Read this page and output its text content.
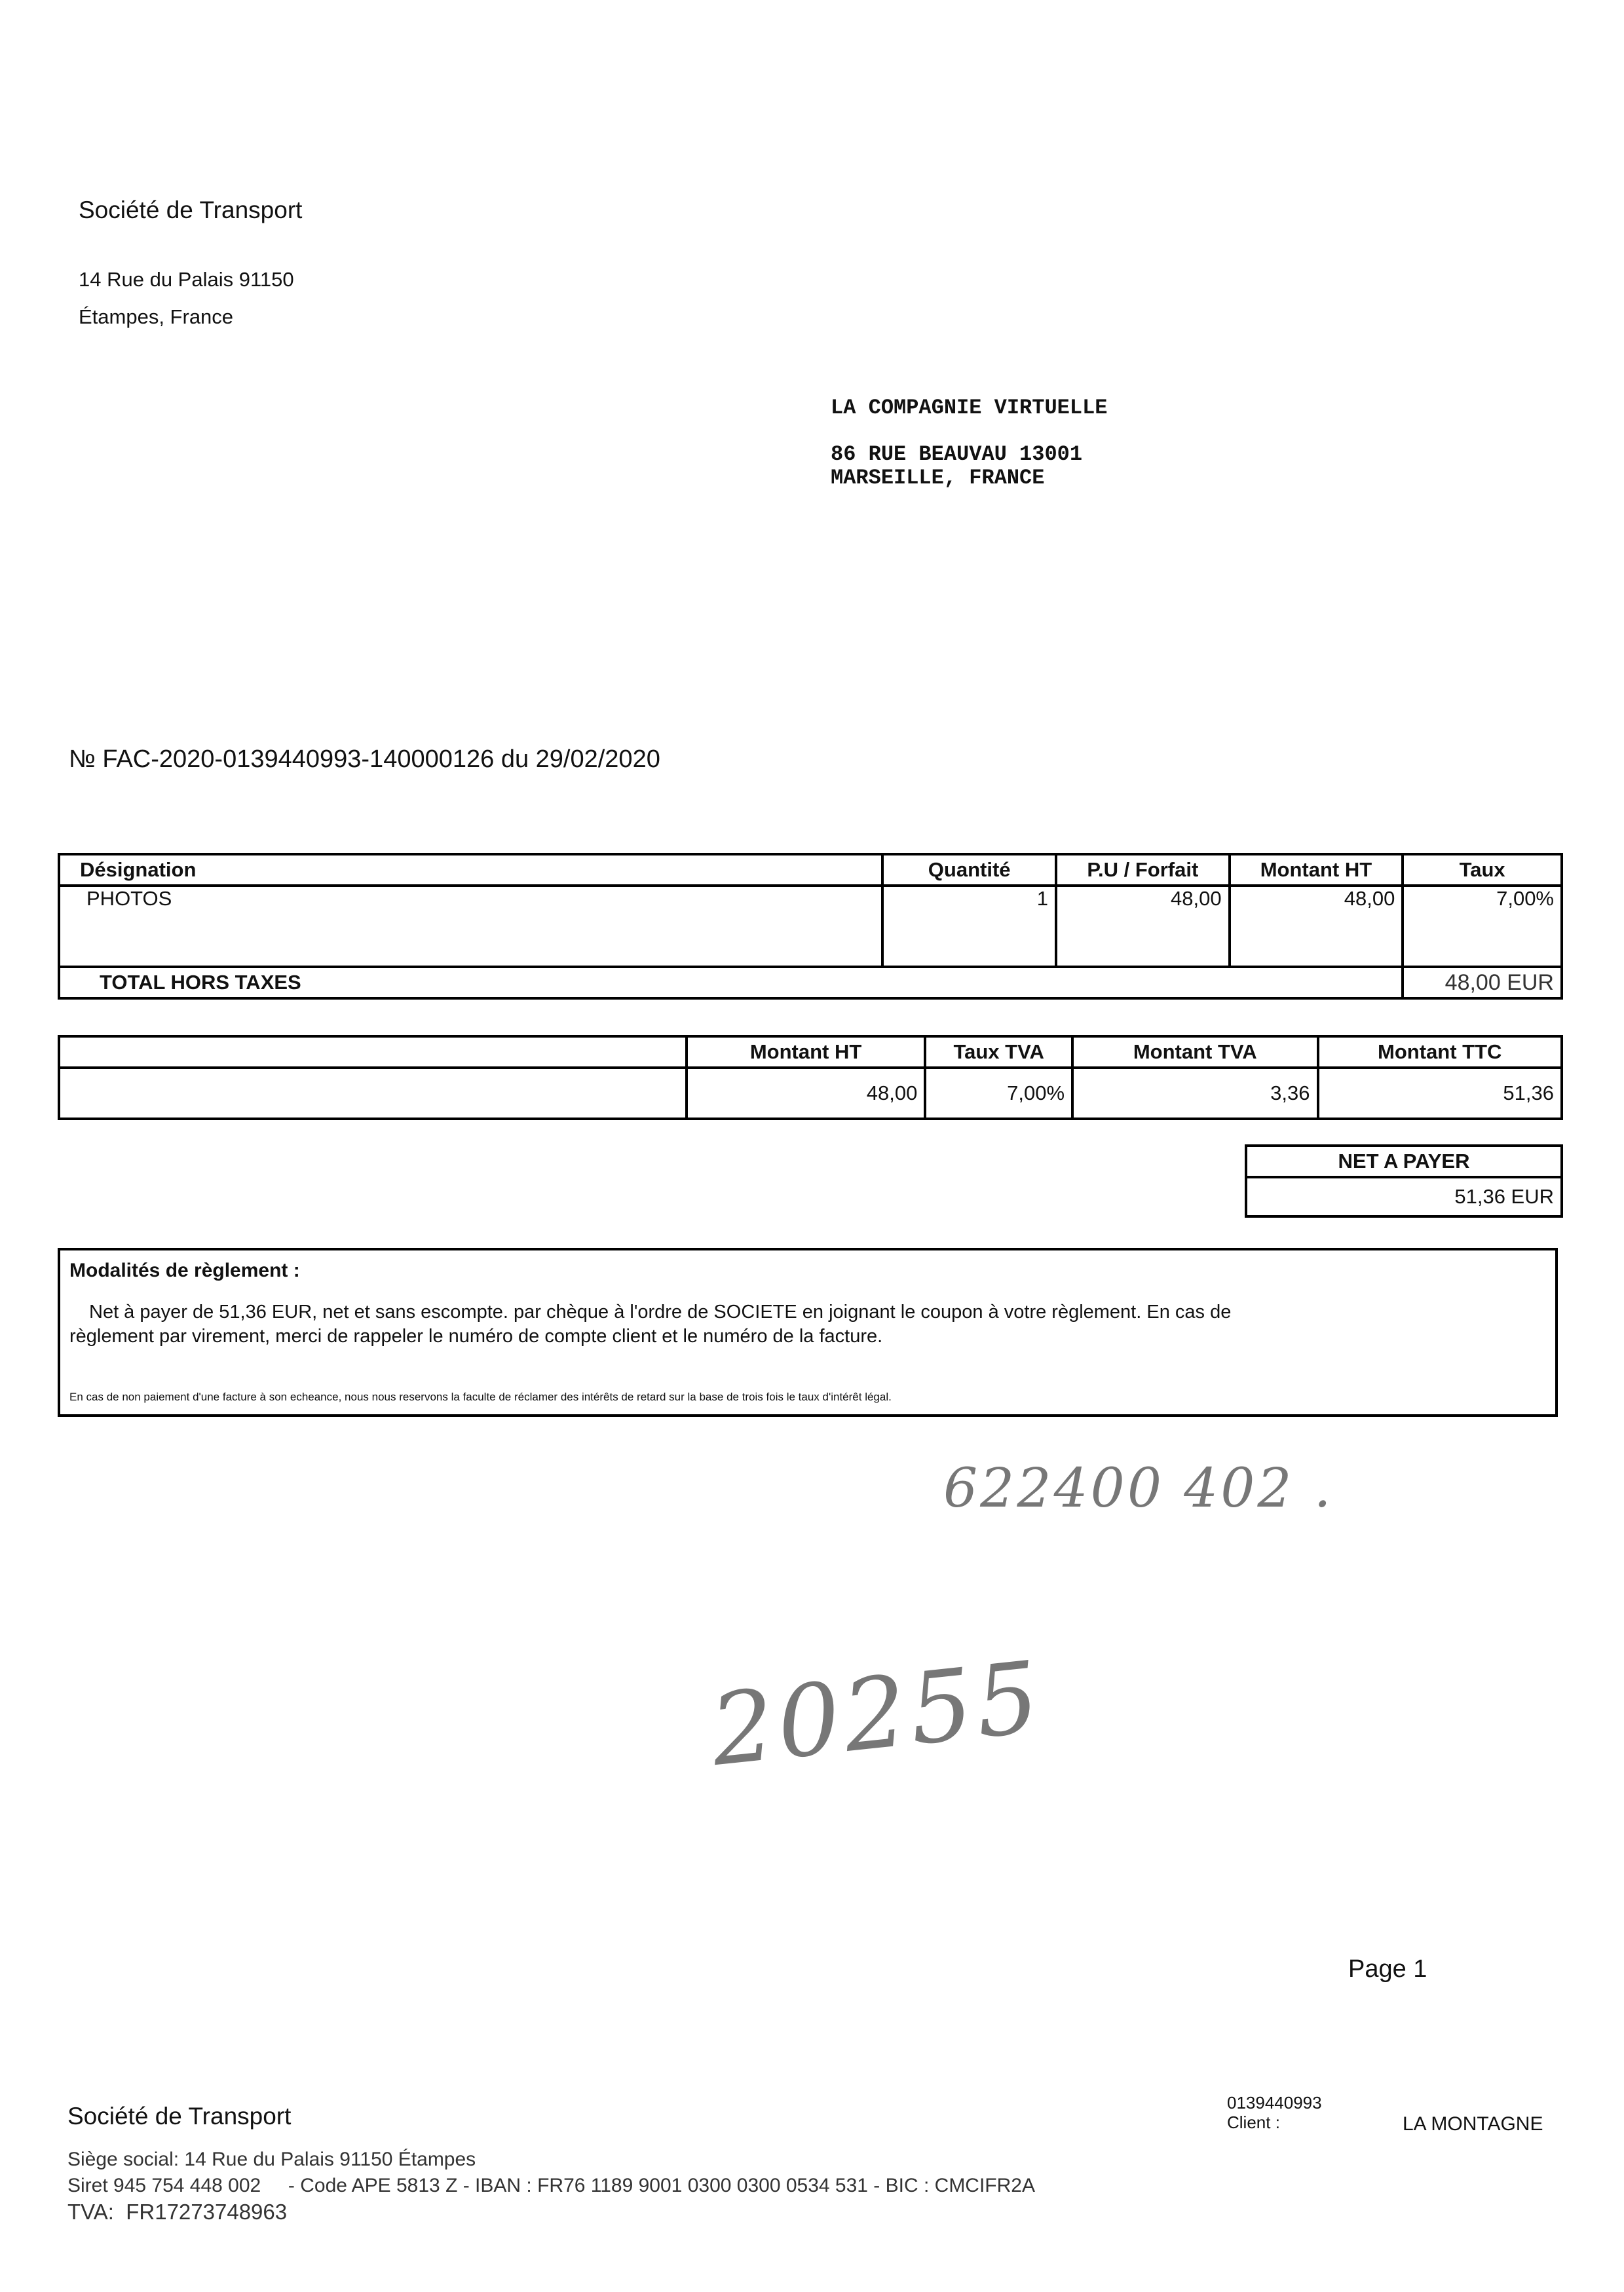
Société de Transport
14 Rue du Palais 91150
Étampes, France
LA COMPAGNIE VIRTUELLE
86 RUE BEAUVAU 13001
MARSEILLE, FRANCE
№ FAC-2020-0139440993-140000126 du 29/02/2020
Désignation	Quantité	P.U / Forfait	Montant HT	Taux
PHOTOS	1	48,00	48,00	7,00%
TOTAL HORS TAXES				48,00 EUR
	Montant HT	Taux TVA	Montant TVA	Montant TTC
	48,00	7,00%	3,36	51,36
NET A PAYER
51,36 EUR
Modalités de règlement :
Net à payer de 51,36 EUR, net et sans escompte. par chèque à l'ordre de SOCIETE en joignant le coupon à votre règlement. En cas de règlement par virement, merci de rappeler le numéro de compte client et le numéro de la facture.
En cas de non paiement d'une facture à son echeance, nous nous reservons la faculte de réclamer des intérêts de retard sur la base de trois fois le taux d'intérêt légal.
622400 402 .
20255
Page 1
Société de Transport
Siège social: 14 Rue du Palais 91150 Étampes
Siret 945 754 448 002     - Code APE 5813 Z - IBAN : FR76 1189 9001 0300 0300 0534 531 - BIC : CMCIFR2A
TVA:  FR17273748963
0139440993
Client :	LA MONTAGNE
